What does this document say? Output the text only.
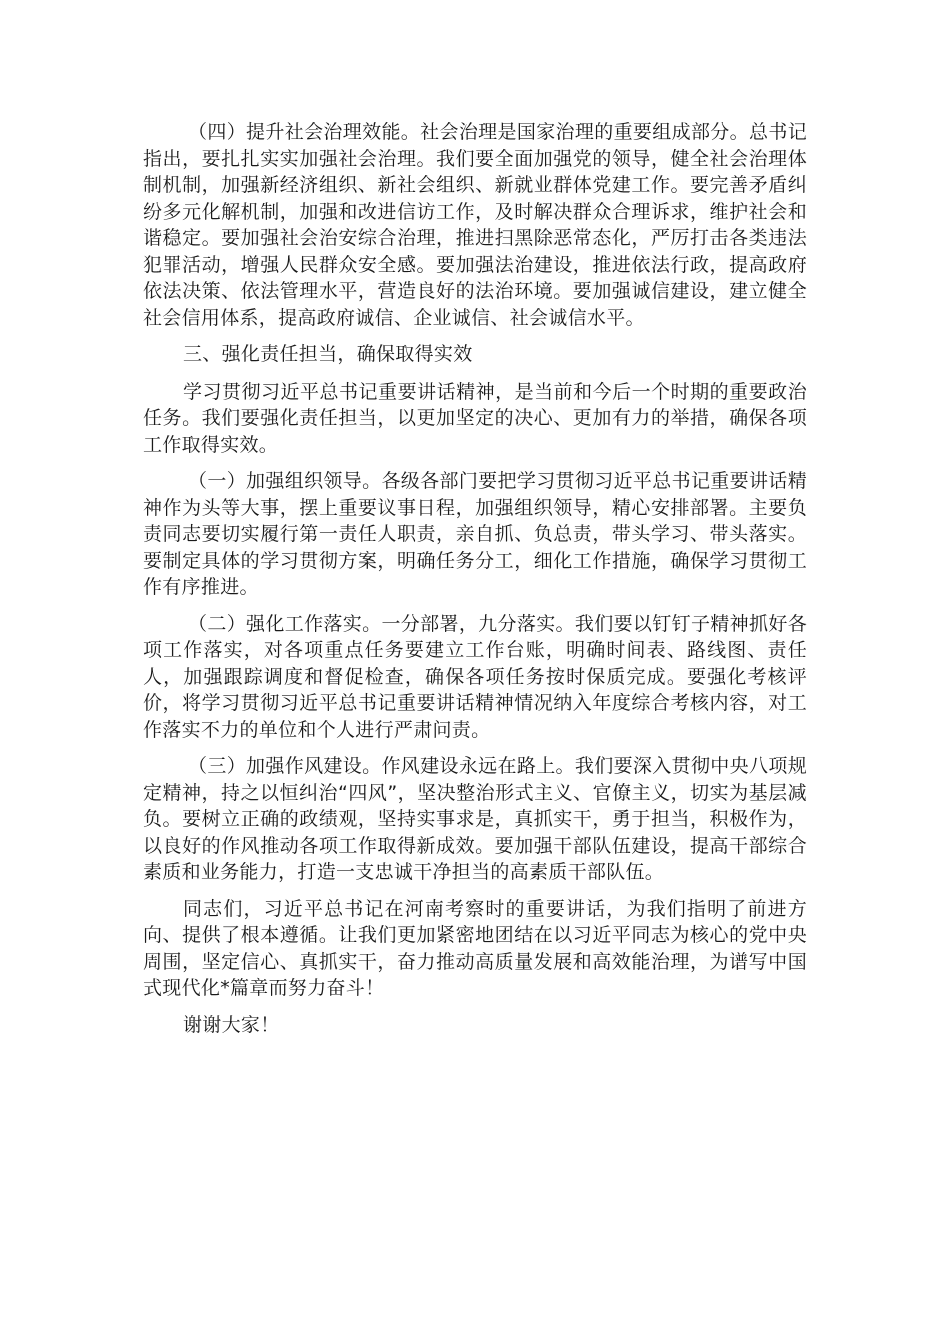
（四）提升社会治理效能。社会治理是国家治理的重要组成部分。总书记指出，要扎扎实实加强社会治理。我们要全面加强党的领导，健全社会治理体制机制，加强新经济组织、新社会组织、新就业群体党建工作。要完善矛盾纠纷多元化解机制，加强和改进信访工作，及时解决群众合理诉求，维护社会和谐稳定。要加强社会治安综合治理，推进扫黑除恶常态化，严厉打击各类违法犯罪活动，增强人民群众安全感。要加强法治建设，推进依法行政，提高政府依法决策、依法管理水平，营造良好的法治环境。要加强诚信建设，建立健全社会信用体系，提高政府诚信、企业诚信、社会诚信水平。

三、强化责任担当，确保取得实效

学习贯彻习近平总书记重要讲话精神，是当前和今后一个时期的重要政治任务。我们要强化责任担当，以更加坚定的决心、更加有力的举措，确保各项工作取得实效。

（一）加强组织领导。各级各部门要把学习贯彻习近平总书记重要讲话精神作为头等大事，摆上重要议事日程，加强组织领导，精心安排部署。主要负责同志要切实履行第一责任人职责，亲自抓、负总责，带头学习、带头落实。要制定具体的学习贯彻方案，明确任务分工，细化工作措施，确保学习贯彻工作有序推进。

（二）强化工作落实。一分部署，九分落实。我们要以钉钉子精神抓好各项工作落实，对各项重点任务要建立工作台账，明确时间表、路线图、责任人，加强跟踪调度和督促检查，确保各项任务按时保质完成。要强化考核评价，将学习贯彻习近平总书记重要讲话精神情况纳入年度综合考核内容，对工作落实不力的单位和个人进行严肃问责。

（三）加强作风建设。作风建设永远在路上。我们要深入贯彻中央八项规定精神，持之以恒纠治“四风”，坚决整治形式主义、官僚主义，切实为基层减负。要树立正确的政绩观，坚持实事求是，真抓实干，勇于担当，积极作为，以良好的作风推动各项工作取得新成效。要加强干部队伍建设，提高干部综合素质和业务能力，打造一支忠诚干净担当的高素质干部队伍。

同志们，习近平总书记在河南考察时的重要讲话，为我们指明了前进方向、提供了根本遵循。让我们更加紧密地团结在以习近平同志为核心的党中央周围，坚定信心、真抓实干，奋力推动高质量发展和高效能治理，为谱写中国式现代化*篇章而努力奋斗！

谢谢大家！
